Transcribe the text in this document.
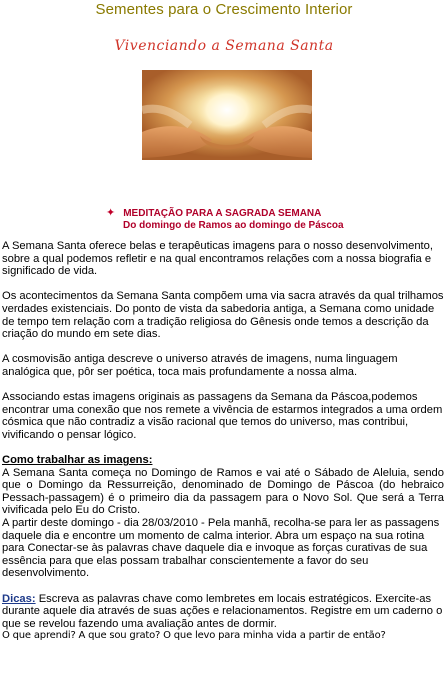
Sementes para o Crescimento Interior
Vivenciando a Semana Santa
✦ MEDITAÇÃO PARA A SAGRADA SEMANA
Do domingo de Ramos ao domingo de Páscoa

A Semana Santa oferece belas e terapêuticas imagens para o nosso desenvolvimento, sobre a qual podemos refletir e na qual encontramos relações com a nossa biografia e significado de vida.

Os acontecimentos da Semana Santa compõem uma via sacra através da qual trilhamos verdades existenciais. Do ponto de vista da sabedoria antiga, a Semana como unidade de tempo tem relação com a tradição religiosa do Gênesis onde temos a descrição da criação do mundo em sete dias.

A cosmovisão antiga descreve o universo através de imagens, numa linguagem analógica que, pôr ser poética, toca mais profundamente a nossa alma.

Associando estas imagens originais as passagens da Semana da Páscoa,podemos encontrar uma conexão que nos remete a vivência de estarmos integrados a uma ordem cósmica que não contradiz a visão racional que temos do universo, mas contribui, vivificando o pensar lógico.

Como trabalhar as imagens:

A Semana Santa começa no Domingo de Ramos e vai até o Sábado de Aleluia, sendo que o Domingo da Ressurreição, denominado de Domingo de Páscoa (do hebraico Pessach-passagem) é o primeiro dia da passagem para o Novo Sol. Que será a Terra vivificada pelo Eu do Cristo.

A partir deste domingo - dia 28/03/2010 - Pela manhã, recolha-se para ler as passagens daquele dia e encontre um momento de calma interior. Abra um espaço na sua rotina para Conectar-se às palavras chave daquele dia e invoque as forças curativas de sua essência para que elas possam trabalhar conscientemente a favor do seu desenvolvimento.

Dicas: Escreva as palavras chave como lembretes em locais estratégicos. Exercite-as durante aquele dia através de suas ações e relacionamentos. Registre em um caderno o que se revelou fazendo uma avaliação antes de dormir.

O que aprendi? A que sou grato? O que levo para minha vida a partir de então?
